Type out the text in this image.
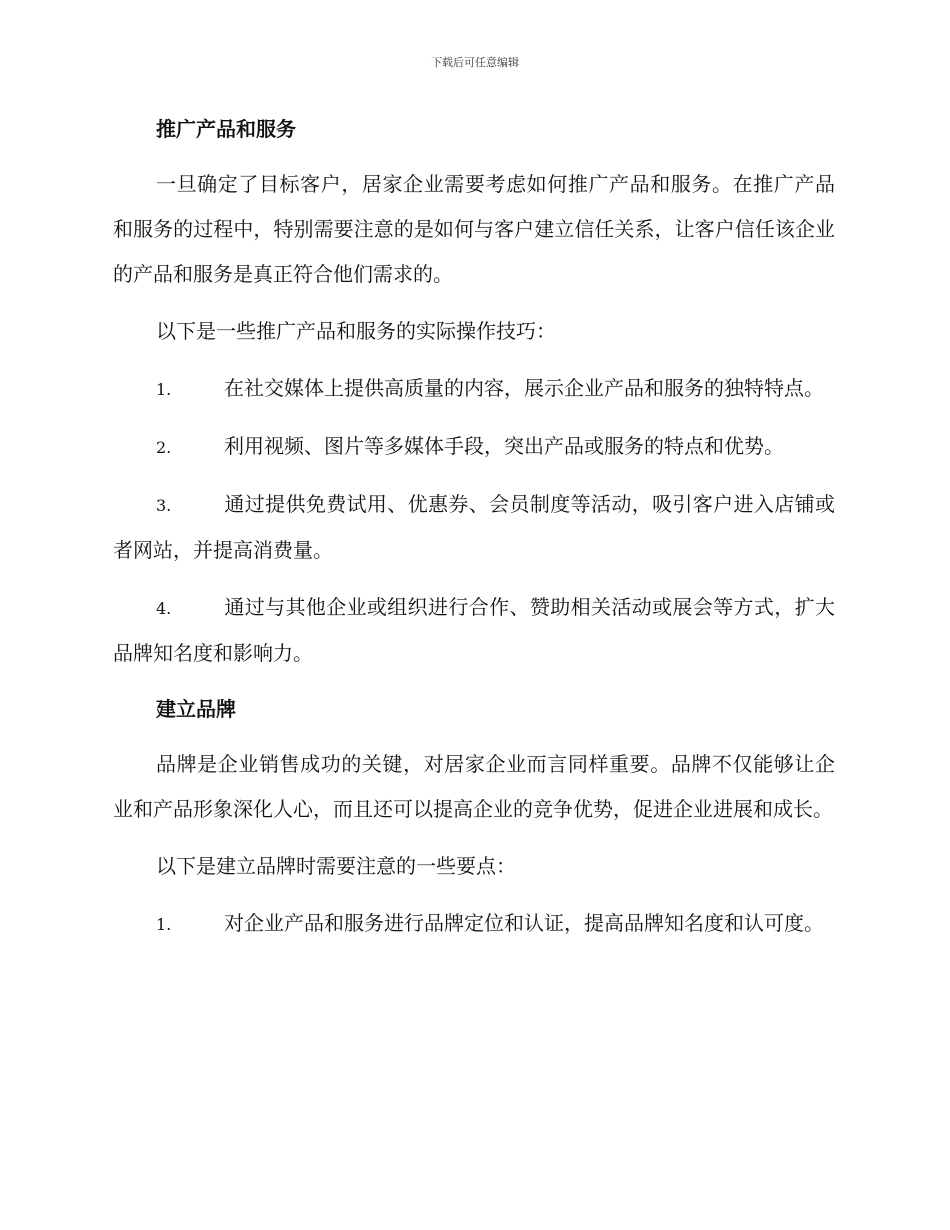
下载后可任意编辑
推广产品和服务

一旦确定了目标客户，居家企业需要考虑如何推广产品和服务。在推广产品和服务的过程中，特别需要注意的是如何与客户建立信任关系，让客户信任该企业的产品和服务是真正符合他们需求的。

以下是一些推广产品和服务的实际操作技巧：

1.	在社交媒体上提供高质量的内容，展示企业产品和服务的独特特点。

2.	利用视频、图片等多媒体手段，突出产品或服务的特点和优势。

3.	通过提供免费试用、优惠券、会员制度等活动，吸引客户进入店铺或者网站，并提高消费量。

4.	通过与其他企业或组织进行合作、赞助相关活动或展会等方式，扩大品牌知名度和影响力。

建立品牌

品牌是企业销售成功的关键，对居家企业而言同样重要。品牌不仅能够让企业和产品形象深化人心，而且还可以提高企业的竞争优势，促进企业进展和成长。

以下是建立品牌时需要注意的一些要点：

1.	对企业产品和服务进行品牌定位和认证，提高品牌知名度和认可度。
